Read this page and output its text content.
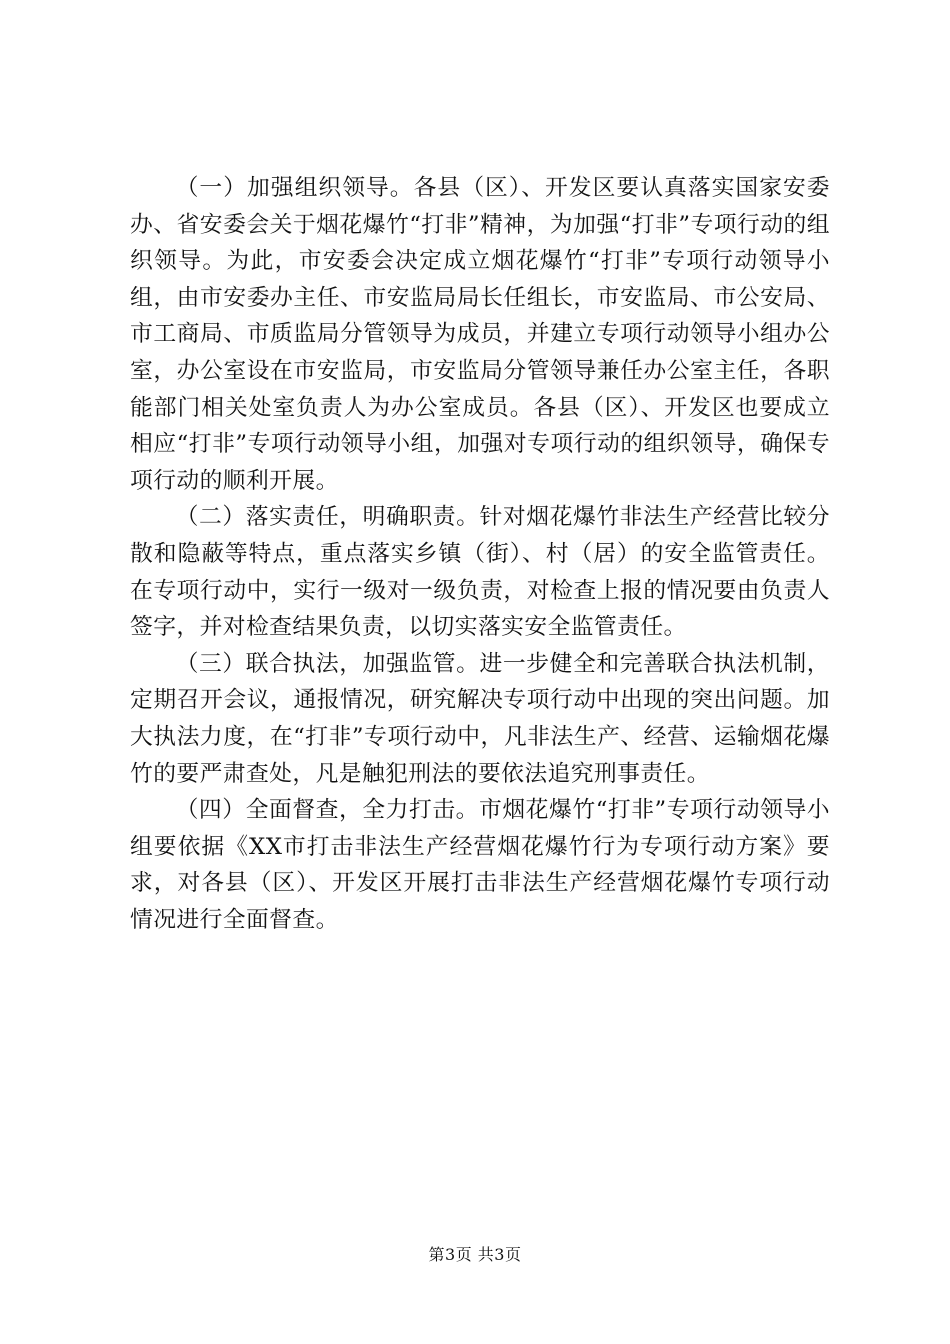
（一）加强组织领导。各县（区）、开发区要认真落实国家安委办、省安委会关于烟花爆竹“打非”精神，为加强“打非”专项行动的组织领导。为此，市安委会决定成立烟花爆竹“打非”专项行动领导小组，由市安委办主任、市安监局局长任组长，市安监局、市公安局、市工商局、市质监局分管领导为成员，并建立专项行动领导小组办公室，办公室设在市安监局，市安监局分管领导兼任办公室主任，各职能部门相关处室负责人为办公室成员。各县（区）、开发区也要成立相应“打非”专项行动领导小组，加强对专项行动的组织领导，确保专项行动的顺利开展。

（二）落实责任，明确职责。针对烟花爆竹非法生产经营比较分散和隐蔽等特点，重点落实乡镇（街）、村（居）的安全监管责任。在专项行动中，实行一级对一级负责，对检查上报的情况要由负责人签字，并对检查结果负责，以切实落实安全监管责任。

（三）联合执法，加强监管。进一步健全和完善联合执法机制，定期召开会议，通报情况，研究解决专项行动中出现的突出问题。加大执法力度，在“打非”专项行动中，凡非法生产、经营、运输烟花爆竹的要严肃查处，凡是触犯刑法的要依法追究刑事责任。

（四）全面督查，全力打击。市烟花爆竹“打非”专项行动领导小组要依据《XX市打击非法生产经营烟花爆竹行为专项行动方案》要求，对各县（区）、开发区开展打击非法生产经营烟花爆竹专项行动情况进行全面督查。

第3页 共3页
